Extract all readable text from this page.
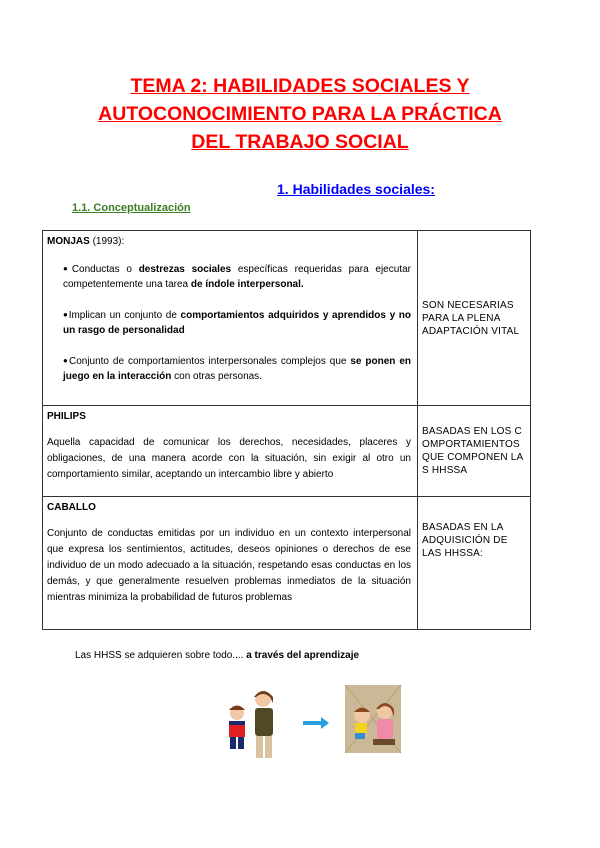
TEMA 2: HABILIDADES SOCIALES Y
AUTOCONOCIMIENTO PARA LA PRÁCTICA
DEL TRABAJO SOCIAL
1. Habilidades sociales:
1.1. Conceptualización
MONJAS (1993):
●Conductas o destrezas sociales específicas requeridas para ejecutar competentemente una tarea de índole interpersonal.
●Implican un conjunto de comportamientos adquiridos y aprendidos y no un rasgo de personalidad
●Conjunto de comportamientos interpersonales complejos que se ponen en juego en la interacción con otras personas.	SON NECESARIAS PARA LA PLENA ADAPTACIÓN VITAL

PHILIPS
Aquella capacidad de comunicar los derechos, necesidades, placeres y obligaciones, de una manera acorde con la situación, sin exigir al otro un comportamiento similar, aceptando un intercambio libre y abierto	BASADAS EN LOS COMPORTAMIENTOS QUE COMPONEN LAS HHSSA

CABALLO
Conjunto de conductas emitidas por un individuo en un contexto interpersonal que expresa los sentimientos, actitudes, deseos opiniones o derechos de ese individuo de un modo adecuado a la situación, respetando esas conductas en los demás, y que generalmente resuelven problemas inmediatos de la situación mientras minimiza la probabilidad de futuros problemas	BASADAS EN LA ADQUISICIÓN DE LAS HHSSA:
Las HHSS se adquieren sobre todo.... a través del aprendizaje
